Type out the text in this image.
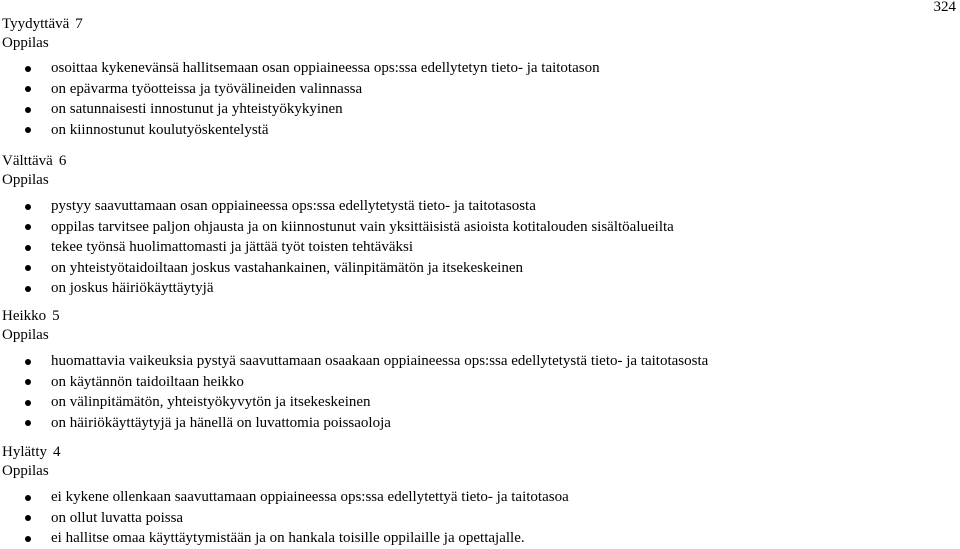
324
Tyydyttävä 7
Oppilas
osoittaa kykenevänsä hallitsemaan osan oppiaineessa ops:ssa edellytetyn tieto- ja taitotason
on epävarma työotteissa ja työvälineiden valinnassa
on satunnaisesti innostunut ja yhteistyökykyinen
on kiinnostunut koulutyöskentelystä
Välttävä 6
Oppilas
pystyy saavuttamaan osan oppiaineessa ops:ssa edellytetystä tieto- ja taitotasosta
oppilas tarvitsee paljon ohjausta ja on kiinnostunut vain yksittäisistä asioista kotitalouden sisältöalueilta
tekee työnsä huolimattomasti ja jättää työt toisten tehtäväksi
on yhteistyötaidoiltaan joskus vastahankainen, välinpitämätön ja itsekeskeinen
on joskus häiriökäyttäytyjä
Heikko 5
Oppilas
huomattavia vaikeuksia pystyä saavuttamaan osaakaan oppiaineessa ops:ssa edellytetystä tieto- ja taitotasosta
on käytännön taidoiltaan heikko
on välinpitämätön, yhteistyökyvytön ja itsekeskeinen
on häiriökäyttäytyjä ja hänellä on luvattomia poissaoloja
Hylätty 4
Oppilas
ei kykene ollenkaan saavuttamaan oppiaineessa ops:ssa edellytettyä tieto- ja taitotasoa
on ollut luvatta poissa
ei hallitse omaa käyttäytymistään ja on hankala toisille oppilaille ja opettajalle.
